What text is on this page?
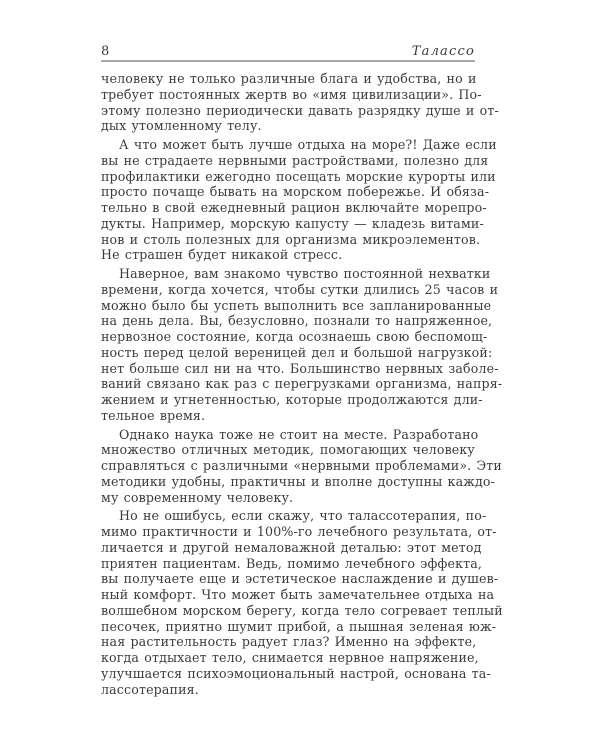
8	Талассо
человеку не только различные блага и удобства, но и
требует постоянных жертв во «имя цивилизации». По-
этому полезно периодически давать разрядку душе и от-
дых утомленному телу.
А что может быть лучше отдыха на море?! Даже если
вы не страдаете нервными растройствами, полезно для
профилактики ежегодно посещать морские курорты или
просто почаще бывать на морском побережье. И обяза-
тельно в свой ежедневный рацион включайте морепро-
дукты. Например, морскую капусту — кладезь витами-
нов и столь полезных для организма микроэлементов.
Не страшен будет никакой стресс.
Наверное, вам знакомо чувство постоянной нехватки
времени, когда хочется, чтобы сутки длились 25 часов и
можно было бы успеть выполнить все запланированные
на день дела. Вы, безусловно, познали то напряженное,
нервозное состояние, когда осознаешь свою беспомощ-
ность перед целой вереницей дел и большой нагрузкой:
нет больше сил ни на что. Большинство нервных заболе-
ваний связано как раз с перегрузками организма, напря-
жением и угнетенностью, которые продолжаются дли-
тельное время.
Однако наука тоже не стоит на месте. Разработано
множество отличных методик, помогающих человеку
справляться с различными «нервными проблемами». Эти
методики удобны, практичны и вполне доступны каждо-
му современному человеку.
Но не ошибусь, если скажу, что талассотерапия, по-
мимо практичности и 100%-го лечебного результата, от-
личается и другой немаловажной деталью: этот метод
приятен пациентам. Ведь, помимо лечебного эффекта,
вы получаете еще и эстетическое наслаждение и душев-
ный комфорт. Что может быть замечательнее отдыха на
волшебном морском берегу, когда тело согревает теплый
песочек, приятно шумит прибой, а пышная зеленая юж-
ная растительность радует глаз? Именно на эффекте,
когда отдыхает тело, снимается нервное напряжение,
улучшается психоэмоциональный настрой, основана та-
лассотерапия.
